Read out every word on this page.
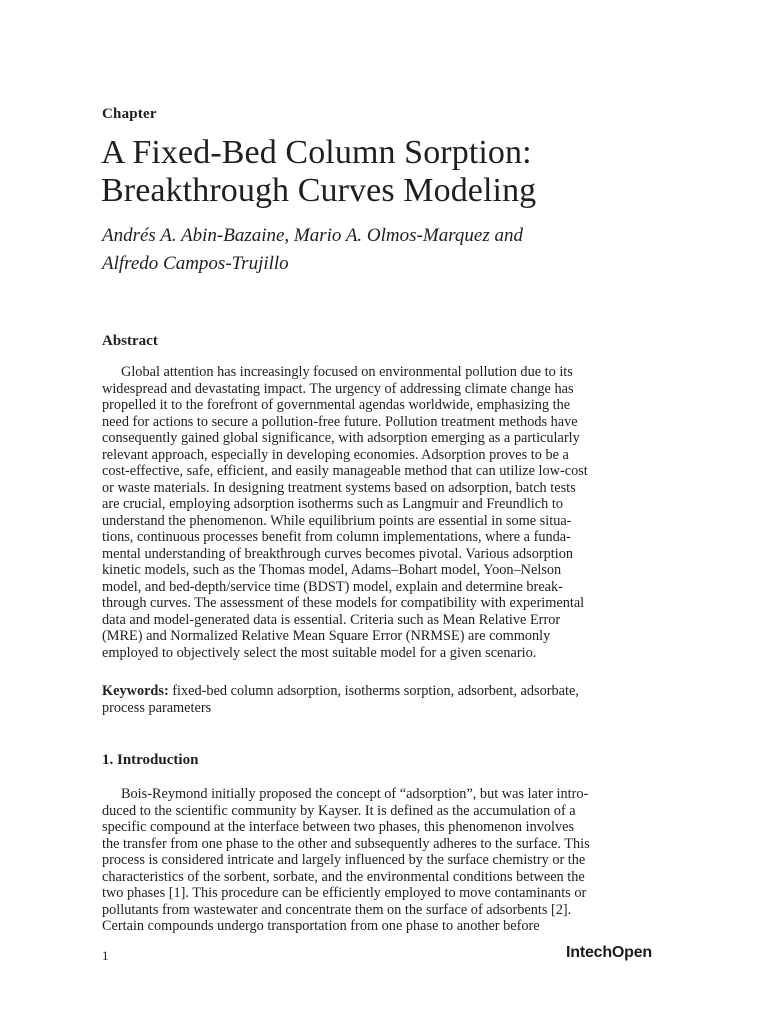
Chapter
A Fixed-Bed Column Sorption:
Breakthrough Curves Modeling
Andrés A. Abin-Bazaine, Mario A. Olmos-Marquez and
Alfredo Campos-Trujillo
Abstract
Global attention has increasingly focused on environmental pollution due to its
widespread and devastating impact. The urgency of addressing climate change has
propelled it to the forefront of governmental agendas worldwide, emphasizing the
need for actions to secure a pollution-free future. Pollution treatment methods have
consequently gained global significance, with adsorption emerging as a particularly
relevant approach, especially in developing economies. Adsorption proves to be a
cost-effective, safe, efficient, and easily manageable method that can utilize low-cost
or waste materials. In designing treatment systems based on adsorption, batch tests
are crucial, employing adsorption isotherms such as Langmuir and Freundlich to
understand the phenomenon. While equilibrium points are essential in some situa-
tions, continuous processes benefit from column implementations, where a funda-
mental understanding of breakthrough curves becomes pivotal. Various adsorption
kinetic models, such as the Thomas model, Adams–Bohart model, Yoon–Nelson
model, and bed-depth/service time (BDST) model, explain and determine break-
through curves. The assessment of these models for compatibility with experimental
data and model-generated data is essential. Criteria such as Mean Relative Error
(MRE) and Normalized Relative Mean Square Error (NRMSE) are commonly
employed to objectively select the most suitable model for a given scenario.
Keywords: fixed-bed column adsorption, isotherms sorption, adsorbent, adsorbate,
process parameters
1. Introduction
Bois-Reymond initially proposed the concept of “adsorption”, but was later intro-
duced to the scientific community by Kayser. It is defined as the accumulation of a
specific compound at the interface between two phases, this phenomenon involves
the transfer from one phase to the other and subsequently adheres to the surface. This
process is considered intricate and largely influenced by the surface chemistry or the
characteristics of the sorbent, sorbate, and the environmental conditions between the
two phases [1]. This procedure can be efficiently employed to move contaminants or
pollutants from wastewater and concentrate them on the surface of adsorbents [2].
Certain compounds undergo transportation from one phase to another before
1	IntechOpen
